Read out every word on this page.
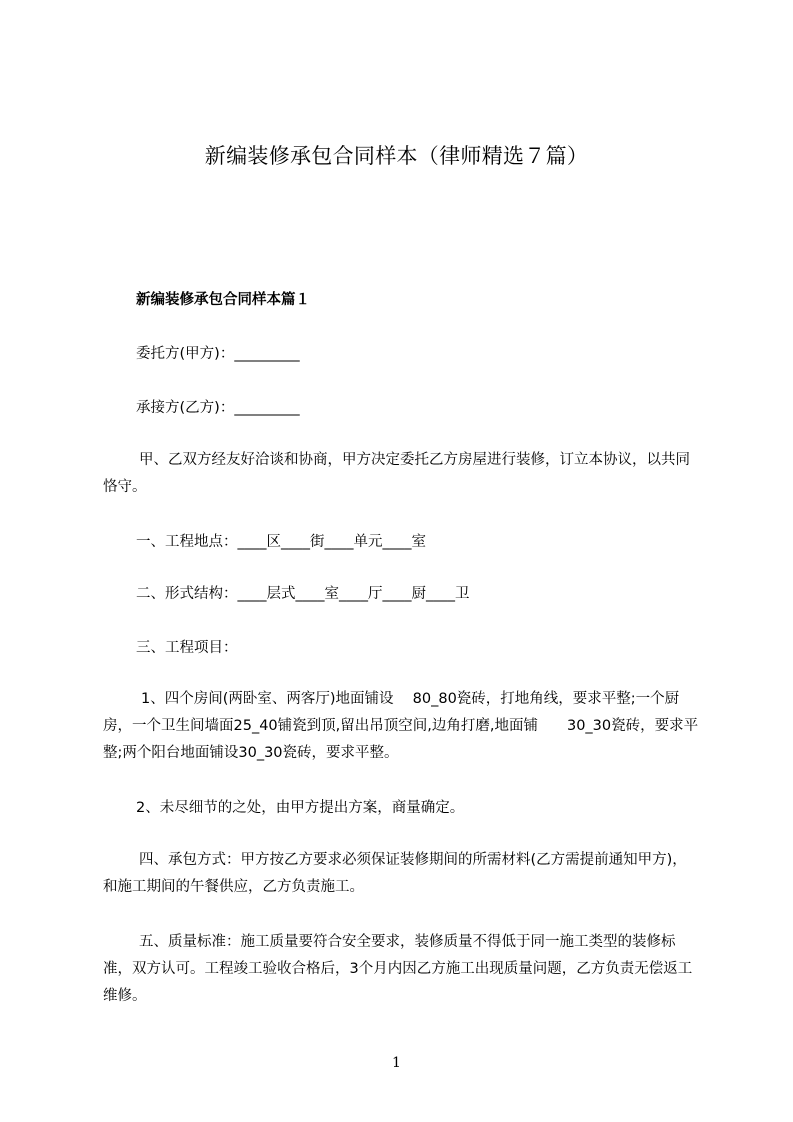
新编装修承包合同样本（律师精选７篇）
新编装修承包合同样本篇１
委托方(甲方)：_________
承接方(乙方)：_________
甲、乙双方经友好洽谈和协商，甲方决定委托乙方房屋进行装修，订立本协议，以共同恪守。
一、工程地点：____区____街____单元____室
二、形式结构：____层式____室____厅____厨____卫
三、工程项目：
1、四个房间(两卧室、两客厅)地面铺设　 80_80瓷砖，打地角线，要求平整;一个厨房，一个卫生间墙面25_40铺瓷到顶,留出吊顶空间,边角打磨,地面铺　　30_30瓷砖，要求平整;两个阳台地面铺设30_30瓷砖，要求平整。
2、未尽细节的之处，由甲方提出方案，商量确定。
四、承包方式：甲方按乙方要求必须保证装修期间的所需材料(乙方需提前通知甲方)，和施工期间的午餐供应，乙方负责施工。
五、质量标准：施工质量要符合安全要求，装修质量不得低于同一施工类型的装修标准，双方认可。工程竣工验收合格后，3个月内因乙方施工出现质量问题，乙方负责无偿返工维修。
1
